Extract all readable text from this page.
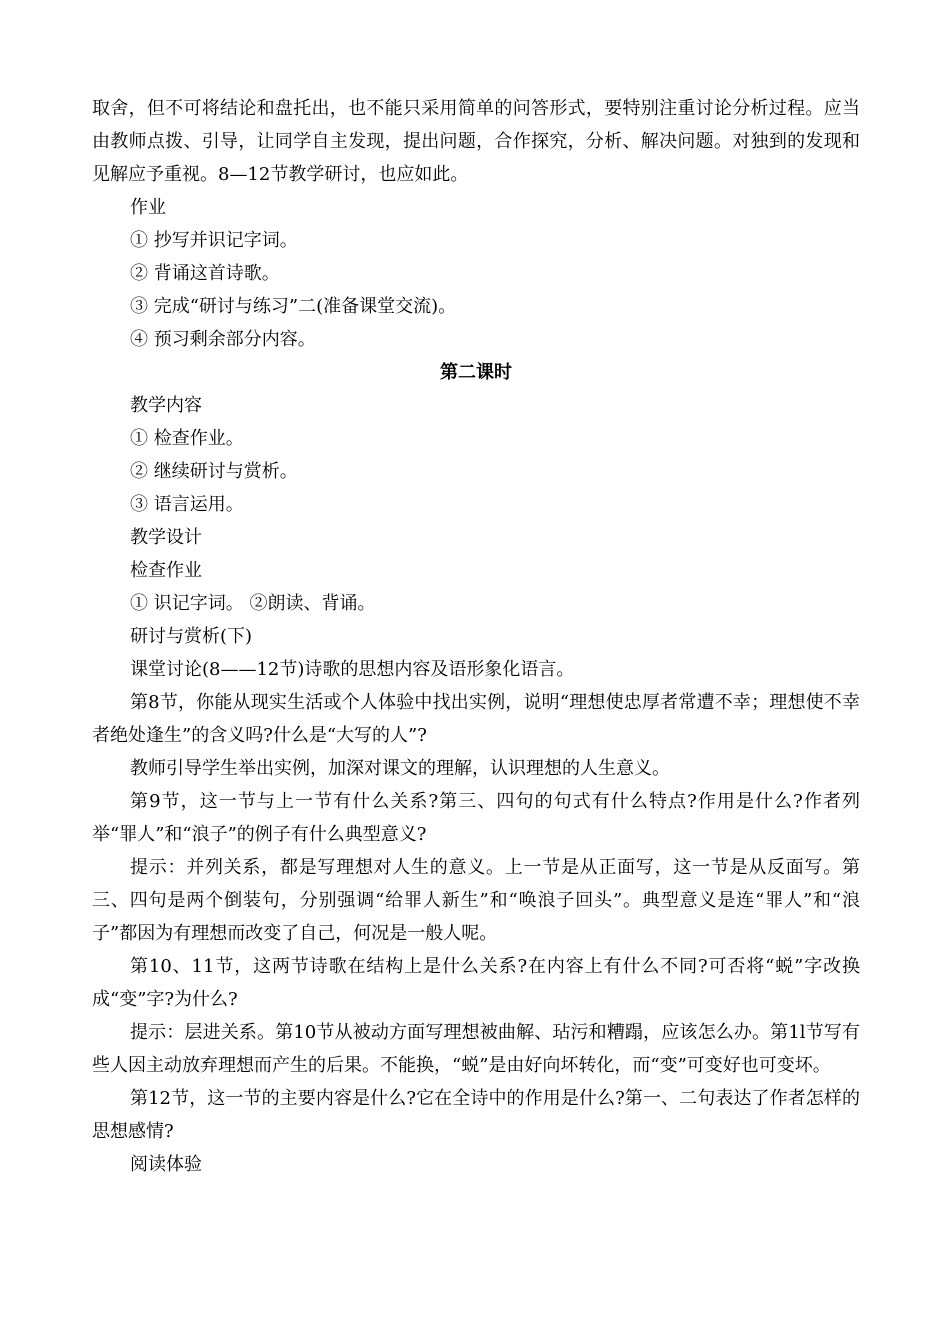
取舍，但不可将结论和盘托出，也不能只采用简单的问答形式，要特别注重讨论分析过程。应当由教师点拨、引导，让同学自主发现，提出问题，合作探究，分析、解决问题。对独到的发现和见解应予重视。8—12节教学研讨，也应如此。

作业

① 抄写并识记字词。

② 背诵这首诗歌。

③ 完成“研讨与练习”二(准备课堂交流)。

④ 预习剩余部分内容。

第二课时

教学内容

① 检查作业。

② 继续研讨与赏析。

③ 语言运用。

教学设计

检查作业

① 识记字词。 ②朗读、背诵。

研讨与赏析(下)

课堂讨论(8——12节)诗歌的思想内容及语形象化语言。

第8节，你能从现实生活或个人体验中找出实例，说明“理想使忠厚者常遭不幸；理想使不幸者绝处逢生”的含义吗?什么是“大写的人”?

教师引导学生举出实例，加深对课文的理解，认识理想的人生意义。

第9节，这一节与上一节有什么关系?第三、四句的句式有什么特点?作用是什么?作者列举“罪人”和“浪子”的例子有什么典型意义?

提示：并列关系，都是写理想对人生的意义。上一节是从正面写，这一节是从反面写。第三、四句是两个倒装句，分别强调“给罪人新生”和“唤浪子回头”。典型意义是连“罪人”和“浪子”都因为有理想而改变了自己，何况是一般人呢。

第10、11节，这两节诗歌在结构上是什么关系?在内容上有什么不同?可否将“蜕”字改换成“变”字?为什么?

提示：层进关系。第10节从被动方面写理想被曲解、玷污和糟蹋，应该怎么办。第1l节写有些人因主动放弃理想而产生的后果。不能换，“蜕”是由好向坏转化，而“变”可变好也可变坏。

第12节，这一节的主要内容是什么?它在全诗中的作用是什么?第一、二句表达了作者怎样的思想感情?

阅读体验
